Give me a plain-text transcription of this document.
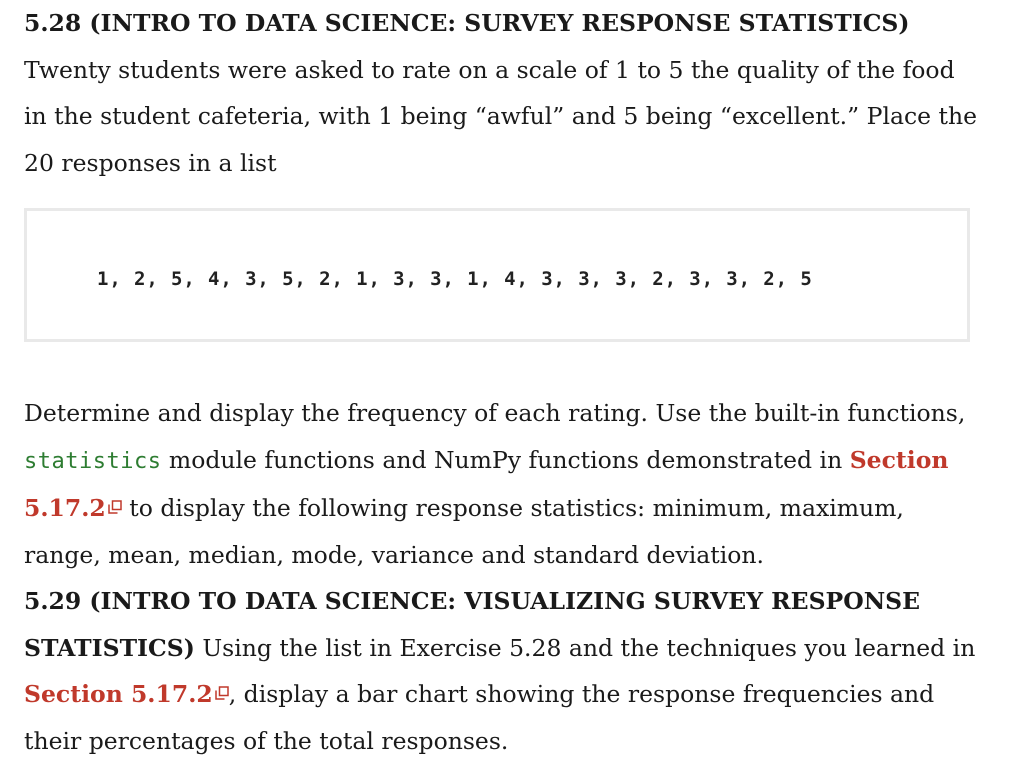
5.28 (INTRO TO DATA SCIENCE: SURVEY RESPONSE STATISTICS) Twenty students were asked to rate on a scale of 1 to 5 the quality of the food in the student cafeteria, with 1 being “awful” and 5 being “excellent.” Place the 20 responses in a list

1, 2, 5, 4, 3, 5, 2, 1, 3, 3, 1, 4, 3, 3, 3, 2, 3, 3, 2, 5

Determine and display the frequency of each rating. Use the built-in functions, statistics module functions and NumPy functions demonstrated in Section 5.17.2 to display the following response statistics: minimum, maximum, range, mean, median, mode, variance and standard deviation.

5.29 (INTRO TO DATA SCIENCE: VISUALIZING SURVEY RESPONSE STATISTICS) Using the list in Exercise 5.28 and the techniques you learned in Section 5.17.2 , display a bar chart showing the response frequencies and their percentages of the total responses.
